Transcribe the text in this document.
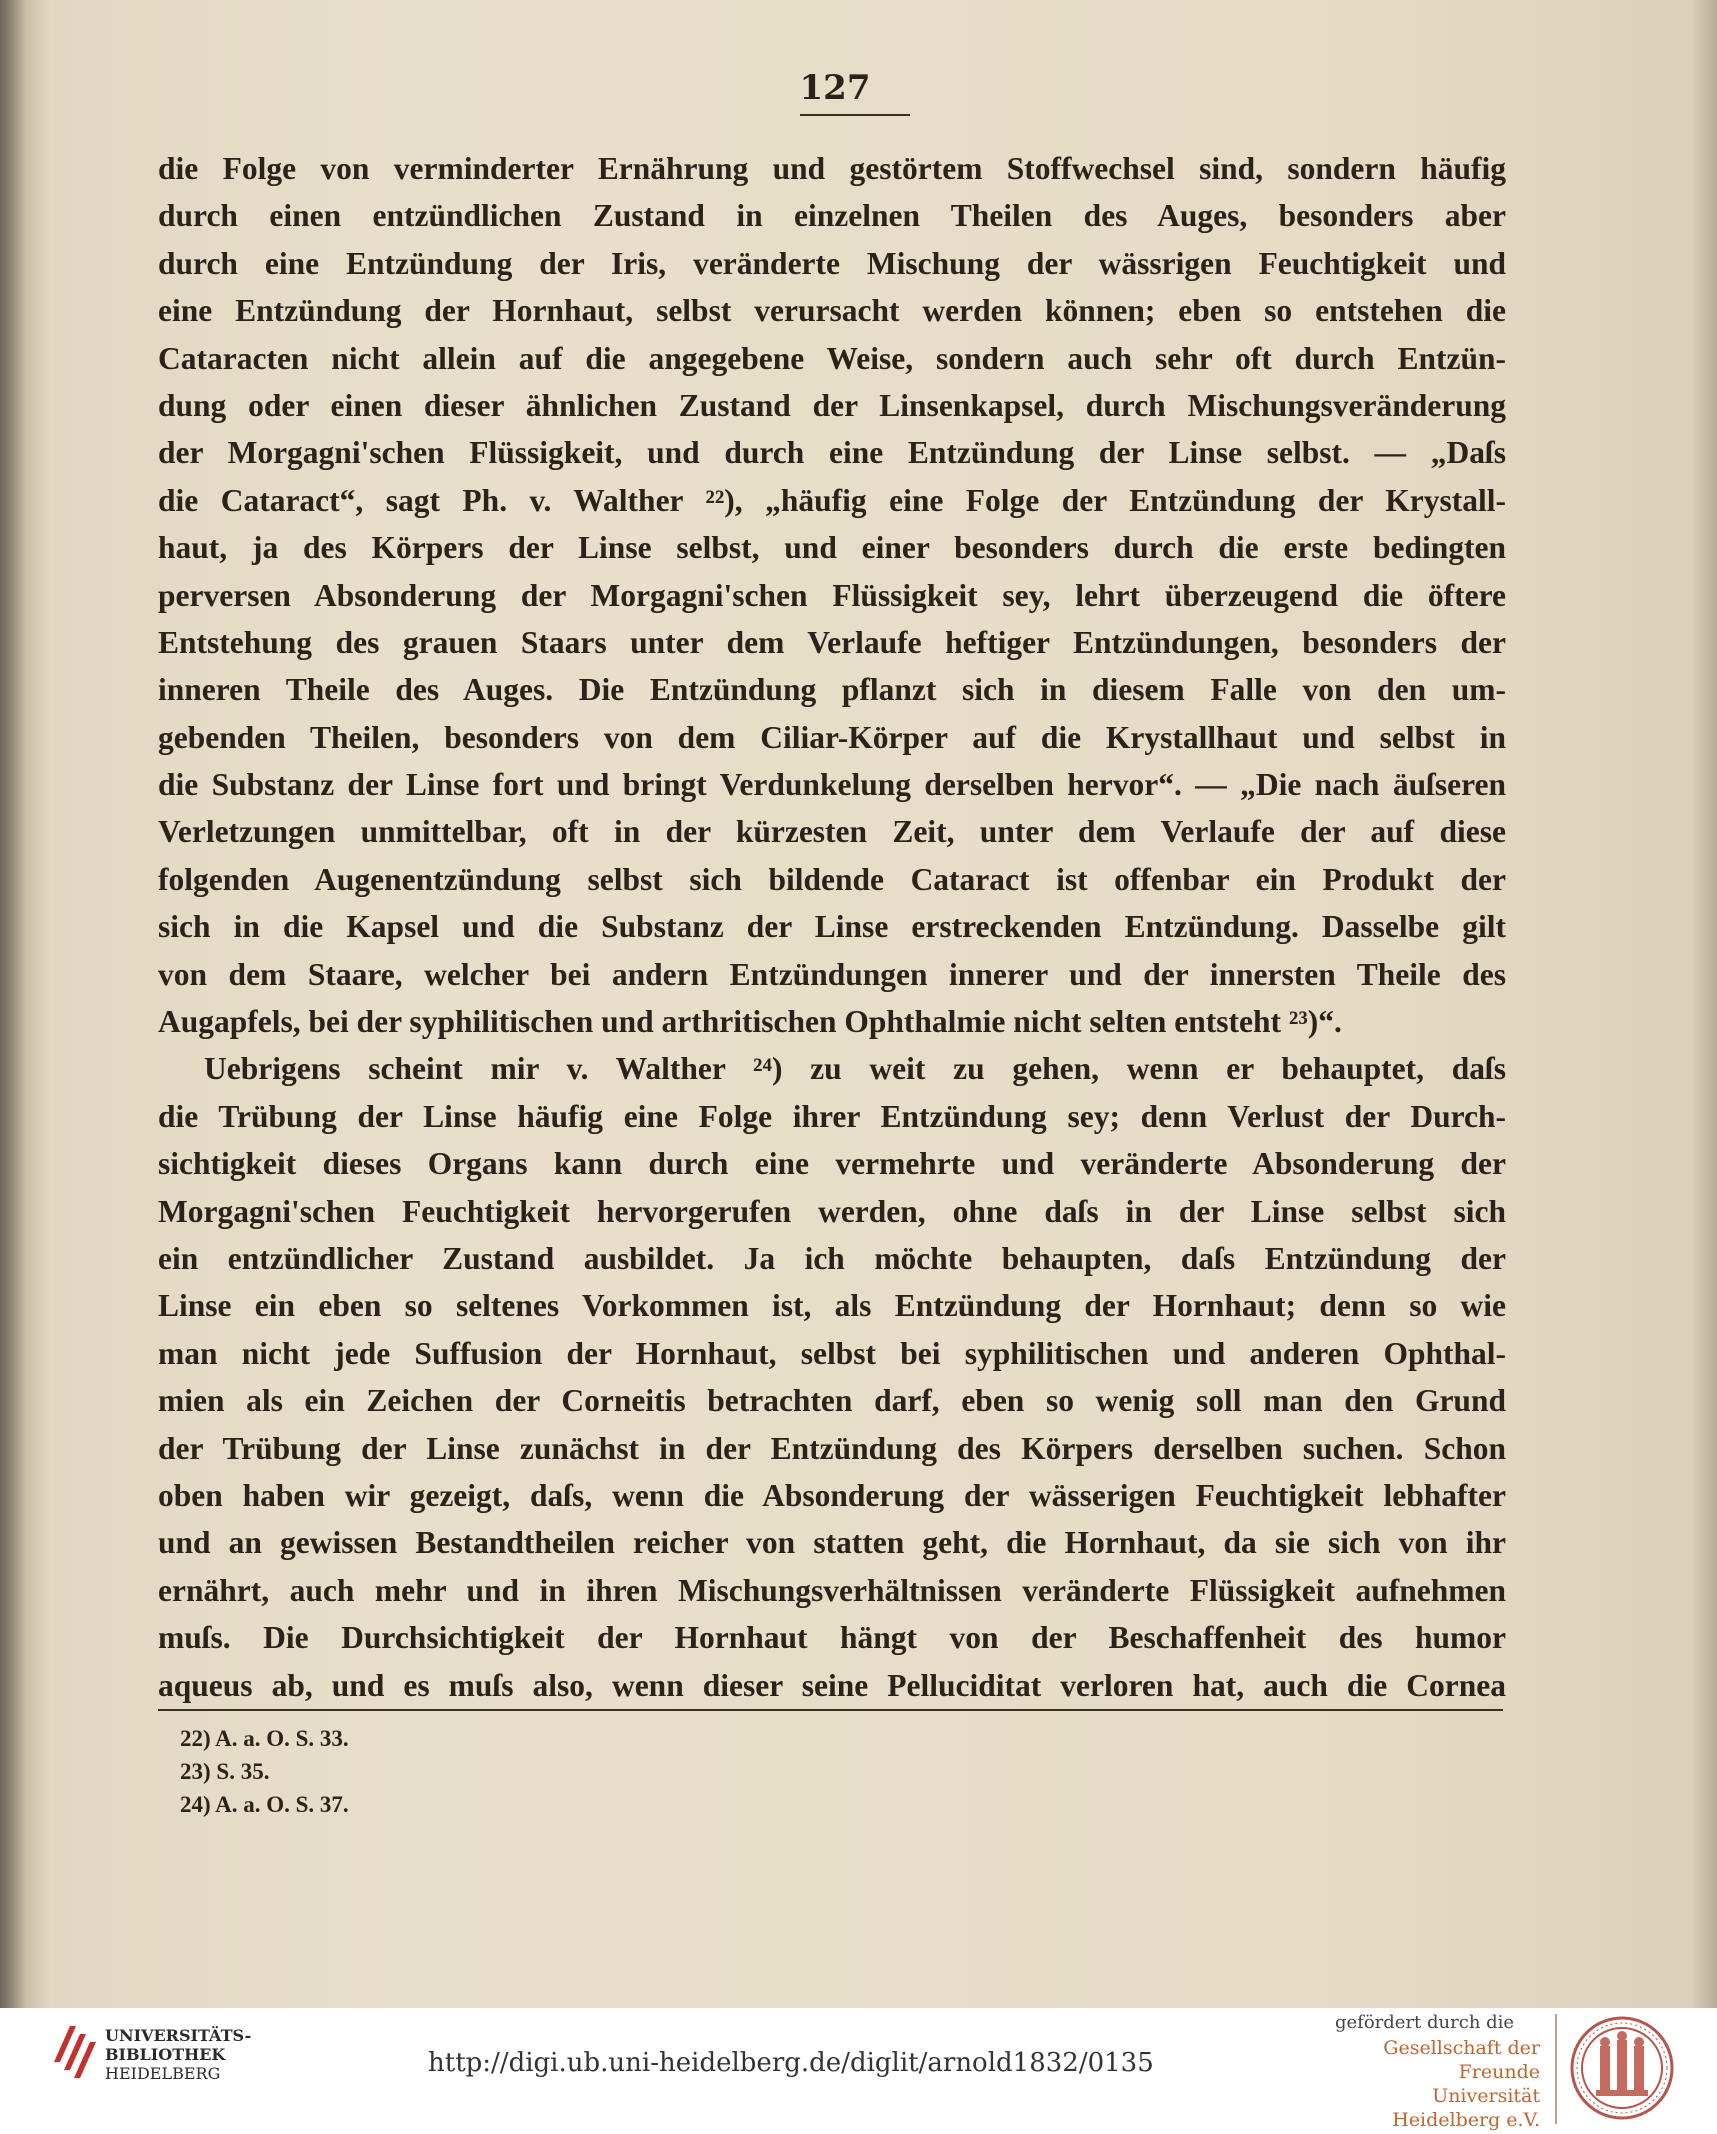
127
die Folge von verminderter Ernährung und gestörtem Stoffwechsel sind, sondern häufig
durch einen entzündlichen Zustand in einzelnen Theilen des Auges, besonders aber
durch eine Entzündung der Iris, veränderte Mischung der wässrigen Feuchtigkeit und
eine Entzündung der Hornhaut, selbst verursacht werden können; eben so entstehen die
Cataracten nicht allein auf die angegebene Weise, sondern auch sehr oft durch Entzün-
dung oder einen dieser ähnlichen Zustand der Linsenkapsel, durch Mischungsveränderung
der Morgagni'schen Flüssigkeit, und durch eine Entzündung der Linse selbst. — „Daſs
die Cataract“, sagt Ph. v. Walther ²²), „häufig eine Folge der Entzündung der Krystall-
haut, ja des Körpers der Linse selbst, und einer besonders durch die erste bedingten
perversen Absonderung der Morgagni'schen Flüssigkeit sey, lehrt überzeugend die öftere
Entstehung des grauen Staars unter dem Verlaufe heftiger Entzündungen, besonders der
inneren Theile des Auges. Die Entzündung pflanzt sich in diesem Falle von den um-
gebenden Theilen, besonders von dem Ciliar-Körper auf die Krystallhaut und selbst in
die Substanz der Linse fort und bringt Verdunkelung derselben hervor“. — „Die nach äuſseren
Verletzungen unmittelbar, oft in der kürzesten Zeit, unter dem Verlaufe der auf diese
folgenden Augenentzündung selbst sich bildende Cataract ist offenbar ein Produkt der
sich in die Kapsel und die Substanz der Linse erstreckenden Entzündung. Dasselbe gilt
von dem Staare, welcher bei andern Entzündungen innerer und der innersten Theile des
Augapfels, bei der syphilitischen und arthritischen Ophthalmie nicht selten entsteht ²³)“.
Uebrigens scheint mir v. Walther ²⁴) zu weit zu gehen, wenn er behauptet, daſs
die Trübung der Linse häufig eine Folge ihrer Entzündung sey; denn Verlust der Durch-
sichtigkeit dieses Organs kann durch eine vermehrte und veränderte Absonderung der
Morgagni'schen Feuchtigkeit hervorgerufen werden, ohne daſs in der Linse selbst sich
ein entzündlicher Zustand ausbildet. Ja ich möchte behaupten, daſs Entzündung der
Linse ein eben so seltenes Vorkommen ist, als Entzündung der Hornhaut; denn so wie
man nicht jede Suffusion der Hornhaut, selbst bei syphilitischen und anderen Ophthal-
mien als ein Zeichen der Corneitis betrachten darf, eben so wenig soll man den Grund
der Trübung der Linse zunächst in der Entzündung des Körpers derselben suchen. Schon
oben haben wir gezeigt, daſs, wenn die Absonderung der wässerigen Feuchtigkeit lebhafter
und an gewissen Bestandtheilen reicher von statten geht, die Hornhaut, da sie sich von ihr
ernährt, auch mehr und in ihren Mischungsverhältnissen veränderte Flüssigkeit aufnehmen
muſs. Die Durchsichtigkeit der Hornhaut hängt von der Beschaffenheit des humor
aqueus ab, und es muſs also, wenn dieser seine Pelluciditat verloren hat, auch die Cornea
22) A. a. O. S. 33.
23) S. 35.
24) A. a. O. S. 37.
UNIVERSITÄTS-
BIBLIOTHEK
HEIDELBERG	http://digi.ub.uni-heidelberg.de/diglit/arnold1832/0135
gefördert durch die
Gesellschaft der Freunde
Universität Heidelberg e.V.
